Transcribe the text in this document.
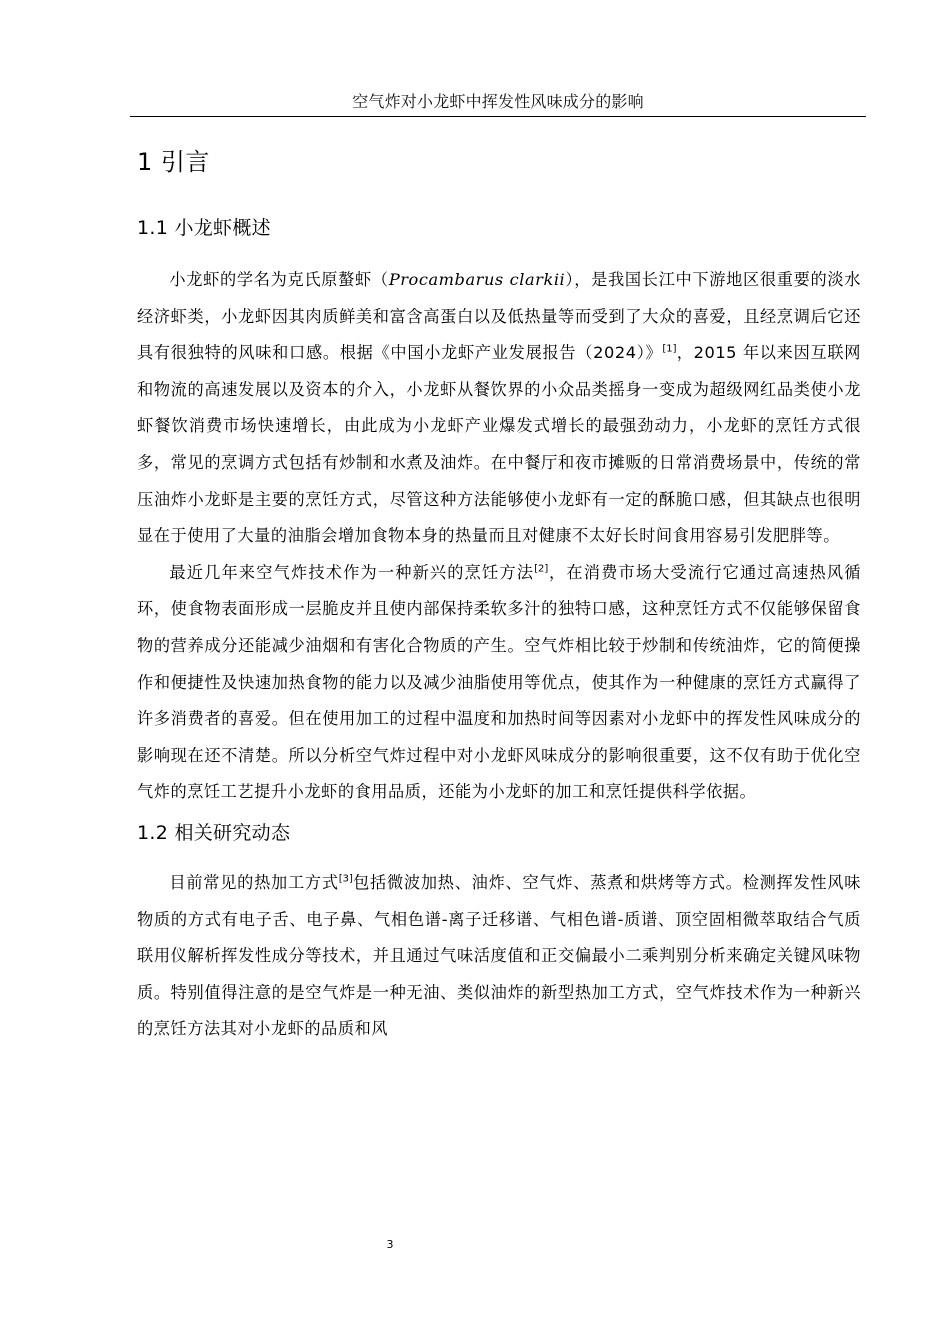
空气炸对小龙虾中挥发性风味成分的影响
1 引言
1.1 小龙虾概述

小龙虾的学名为克氏原螯虾（Procambarus clarkii），是我国长江中下游地区很重要的淡水经济虾类，小龙虾因其肉质鲜美和富含高蛋白以及低热量等而受到了大众的喜爱，且经烹调后它还具有很独特的风味和口感。根据《中国小龙虾产业发展报告（2024）》[1]，2015 年以来因互联网和物流的高速发展以及资本的介入，小龙虾从餐饮界的小众品类摇身一变成为超级网红品类使小龙虾餐饮消费市场快速增长，由此成为小龙虾产业爆发式增长的最强劲动力，小龙虾的烹饪方式很多，常见的烹调方式包括有炒制和水煮及油炸。在中餐厅和夜市摊贩的日常消费场景中，传统的常压油炸小龙虾是主要的烹饪方式，尽管这种方法能够使小龙虾有一定的酥脆口感，但其缺点也很明显在于使用了大量的油脂会增加食物本身的热量而且对健康不太好长时间食用容易引发肥胖等。

最近几年来空气炸技术作为一种新兴的烹饪方法[2]，在消费市场大受流行它通过高速热风循环，使食物表面形成一层脆皮并且使内部保持柔软多汁的独特口感，这种烹饪方式不仅能够保留食物的营养成分还能减少油烟和有害化合物质的产生。空气炸相比较于炒制和传统油炸，它的简便操作和便捷性及快速加热食物的能力以及减少油脂使用等优点，使其作为一种健康的烹饪方式赢得了许多消费者的喜爱。但在使用加工的过程中温度和加热时间等因素对小龙虾中的挥发性风味成分的影响现在还不清楚。所以分析空气炸过程中对小龙虾风味成分的影响很重要，这不仅有助于优化空气炸的烹饪工艺提升小龙虾的食用品质，还能为小龙虾的加工和烹饪提供科学依据。

1.2 相关研究动态

目前常见的热加工方式[3]包括微波加热、油炸、空气炸、蒸煮和烘烤等方式。检测挥发性风味物质的方式有电子舌、电子鼻、气相色谱-离子迁移谱、气相色谱-质谱、顶空固相微萃取结合气质联用仪解析挥发性成分等技术，并且通过气味活度值和正交偏最小二乘判别分析来确定关键风味物质。特别值得注意的是空气炸是一种无油、类似油炸的新型热加工方式，空气炸技术作为一种新兴的烹饪方法其对小龙虾的品质和风

3
